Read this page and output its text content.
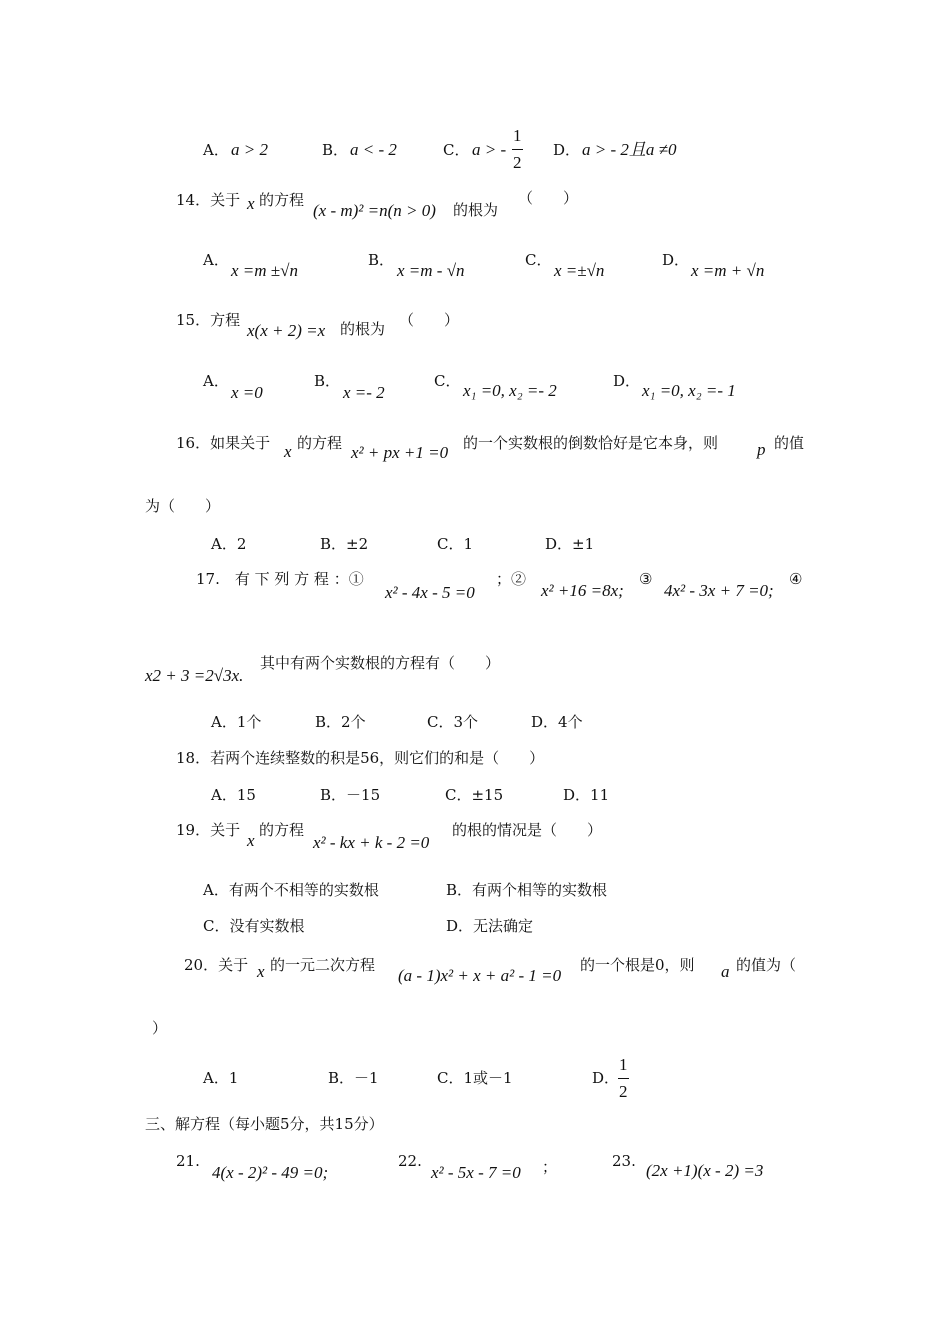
A． a > 2	B． a < - 2	C． a > -
1
2
D． a > - 2且a ≠0
14．关于 x 的方程
(x - m)² =n(n > 0) 的根为
（　　）
A．
x =m ±√n
B．
x =m - √n
C．
x =±√n
D．
x =m + √n
15．方程
x(x + 2) =x 的根为 （　　）
A．
x =0
B．
x =- 2
C． x₁ =0, x₂ =- 2	D． x₁ =0, x₂ =- 1
16．如果关于 x 的方程 x² + px +1 =0 的一个实数根的倒数恰好是它本身，则 p 的值
为（　　）
A．2	B．±2	C．1	D．±1
17.　有 下 列 方 程 ：①
x² - 4x - 5 =0
；②
x² +16 =8x;
③
4x² - 3x + 7 =0;
④
x2 + 3 =2√3x.
其中有两个实数根的方程有（　　）
A．1个	B．2个	C．3个	D．4个
18．若两个连续整数的积是56，则它们的和是（　　）
A．15	B．－15	C．±15	D．11
19．关于
x
的方程
x² - kx + k - 2 =0
的根的情况是（　　）
A．有两个不相等的实数根	B．有两个相等的实数根
C．没有实数根	D．无法确定
20．关于 x 的一元二次方程
(a - 1)x² + x + a² - 1 =0
的一个根是0，则 a 的值为（
）
A．1	B．－1	C．1或－1	D．
1
2
三、解方程（每小题5分，共15分）
21.
4(x - 2)² - 49 =0;
22.
x² - 5x - 7 =0 ；	23. (2x +1)(x - 2) =3
